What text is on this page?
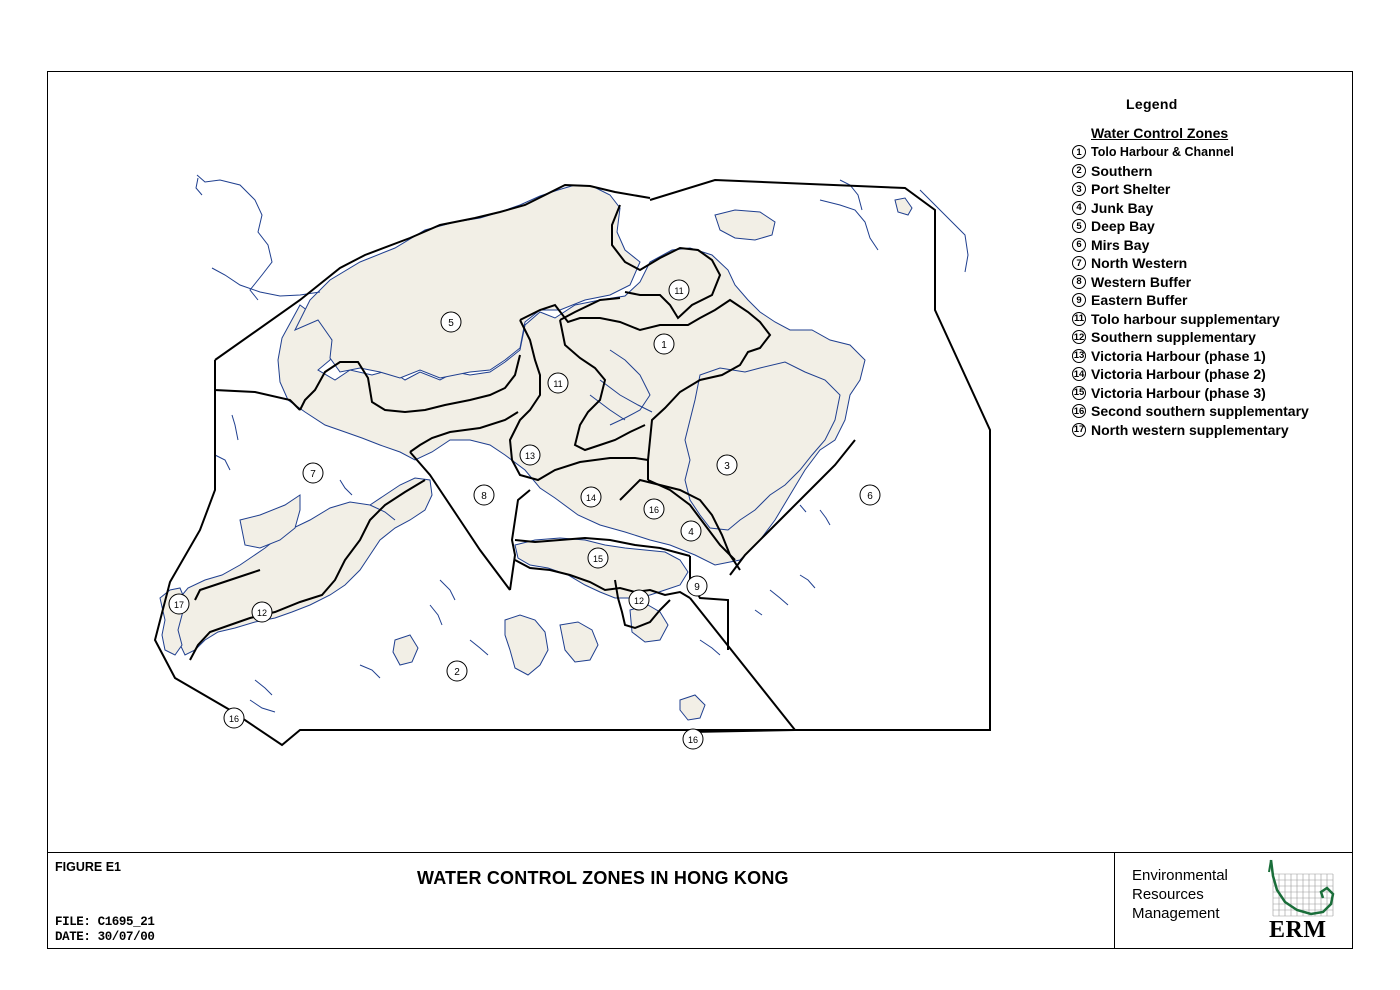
5
11
1
11
7
13
8	14
3
6
16
4
15
9
17
12
12
2
16
16
Legend
Water Control Zones
1 Tolo Harbour & Channel
2 Southern
3 Port Shelter
4 Junk Bay
5 Deep Bay
6 Mirs Bay
7 North Western
8 Western Buffer
9 Eastern Buffer
11 Tolo harbour supplementary
12 Southern supplementary
13 Victoria Harbour (phase 1)
14 Victoria Harbour (phase 2)
15 Victoria Harbour (phase 3)
16 Second southern supplementary
17 North western supplementary
FIGURE E1
WATER CONTROL ZONES IN HONG KONG
FILE: C1695_21
DATE: 30/07/00
Environmental
Resources
Management
ERM
